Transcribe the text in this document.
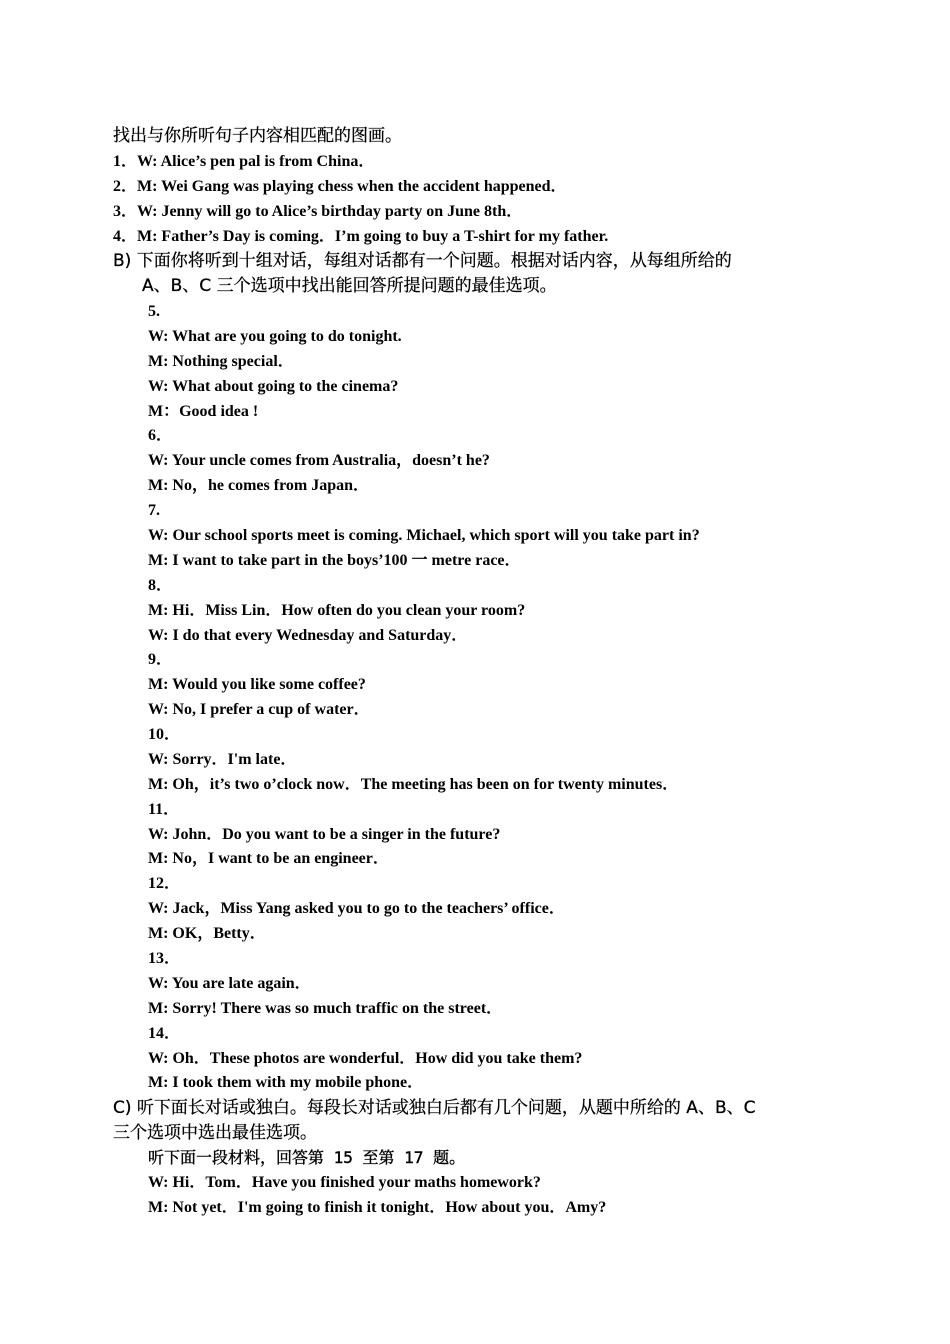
找出与你所听句子内容相匹配的图画。
1．W: Alice’s pen pal is from China．
2．M: Wei Gang was playing chess when the accident happened．
3．W: Jenny will go to Alice’s birthday party on June 8th．
4．M: Father’s Day is coming．I’m going to buy a T-shirt for my father.
B) 下面你将听到十组对话，每组对话都有一个问题。根据对话内容，从每组所给的
A、B、C 三个选项中找出能回答所提问题的最佳选项。
5.
W: What are you going to do tonight.
M: Nothing special．
W: What about going to the cinema?
M：Good idea !
6．
W: Your uncle comes from Australia，doesn’t he?
M: No，he comes from Japan．
7.
W: Our school sports meet is coming. Michael, which sport will you take part in?
M: I want to take part in the boys’100 一 metre race．
8．
M: Hi．Miss Lin．How often do you clean your room?
W: I do that every Wednesday and Saturday．
9．
M: Would you like some coffee?
W: No, I prefer a cup of water．
10．
W: Sorry．I'm late．
M: Oh，it’s two o’clock now．The meeting has been on for twenty minutes．
11．
W: John．Do you want to be a singer in the future?
M: No，I want to be an engineer．
12．
W: Jack，Miss Yang asked you to go to the teachers’ office．
M: OK，Betty．
13．
W: You are late again．
M: Sorry! There was so much traffic on the street．
14．
W: Oh．These photos are wonderful．How did you take them?
M: I took them with my mobile phone．
C) 听下面长对话或独白。每段长对话或独白后都有几个问题，从题中所给的 A、B、C
三个选项中选出最佳选项。
听下面一段材料，回答第 15 至第 17 题。
W: Hi．Tom．Have you finished your maths homework?
M: Not yet．I'm going to finish it tonight．How about you．Amy?
